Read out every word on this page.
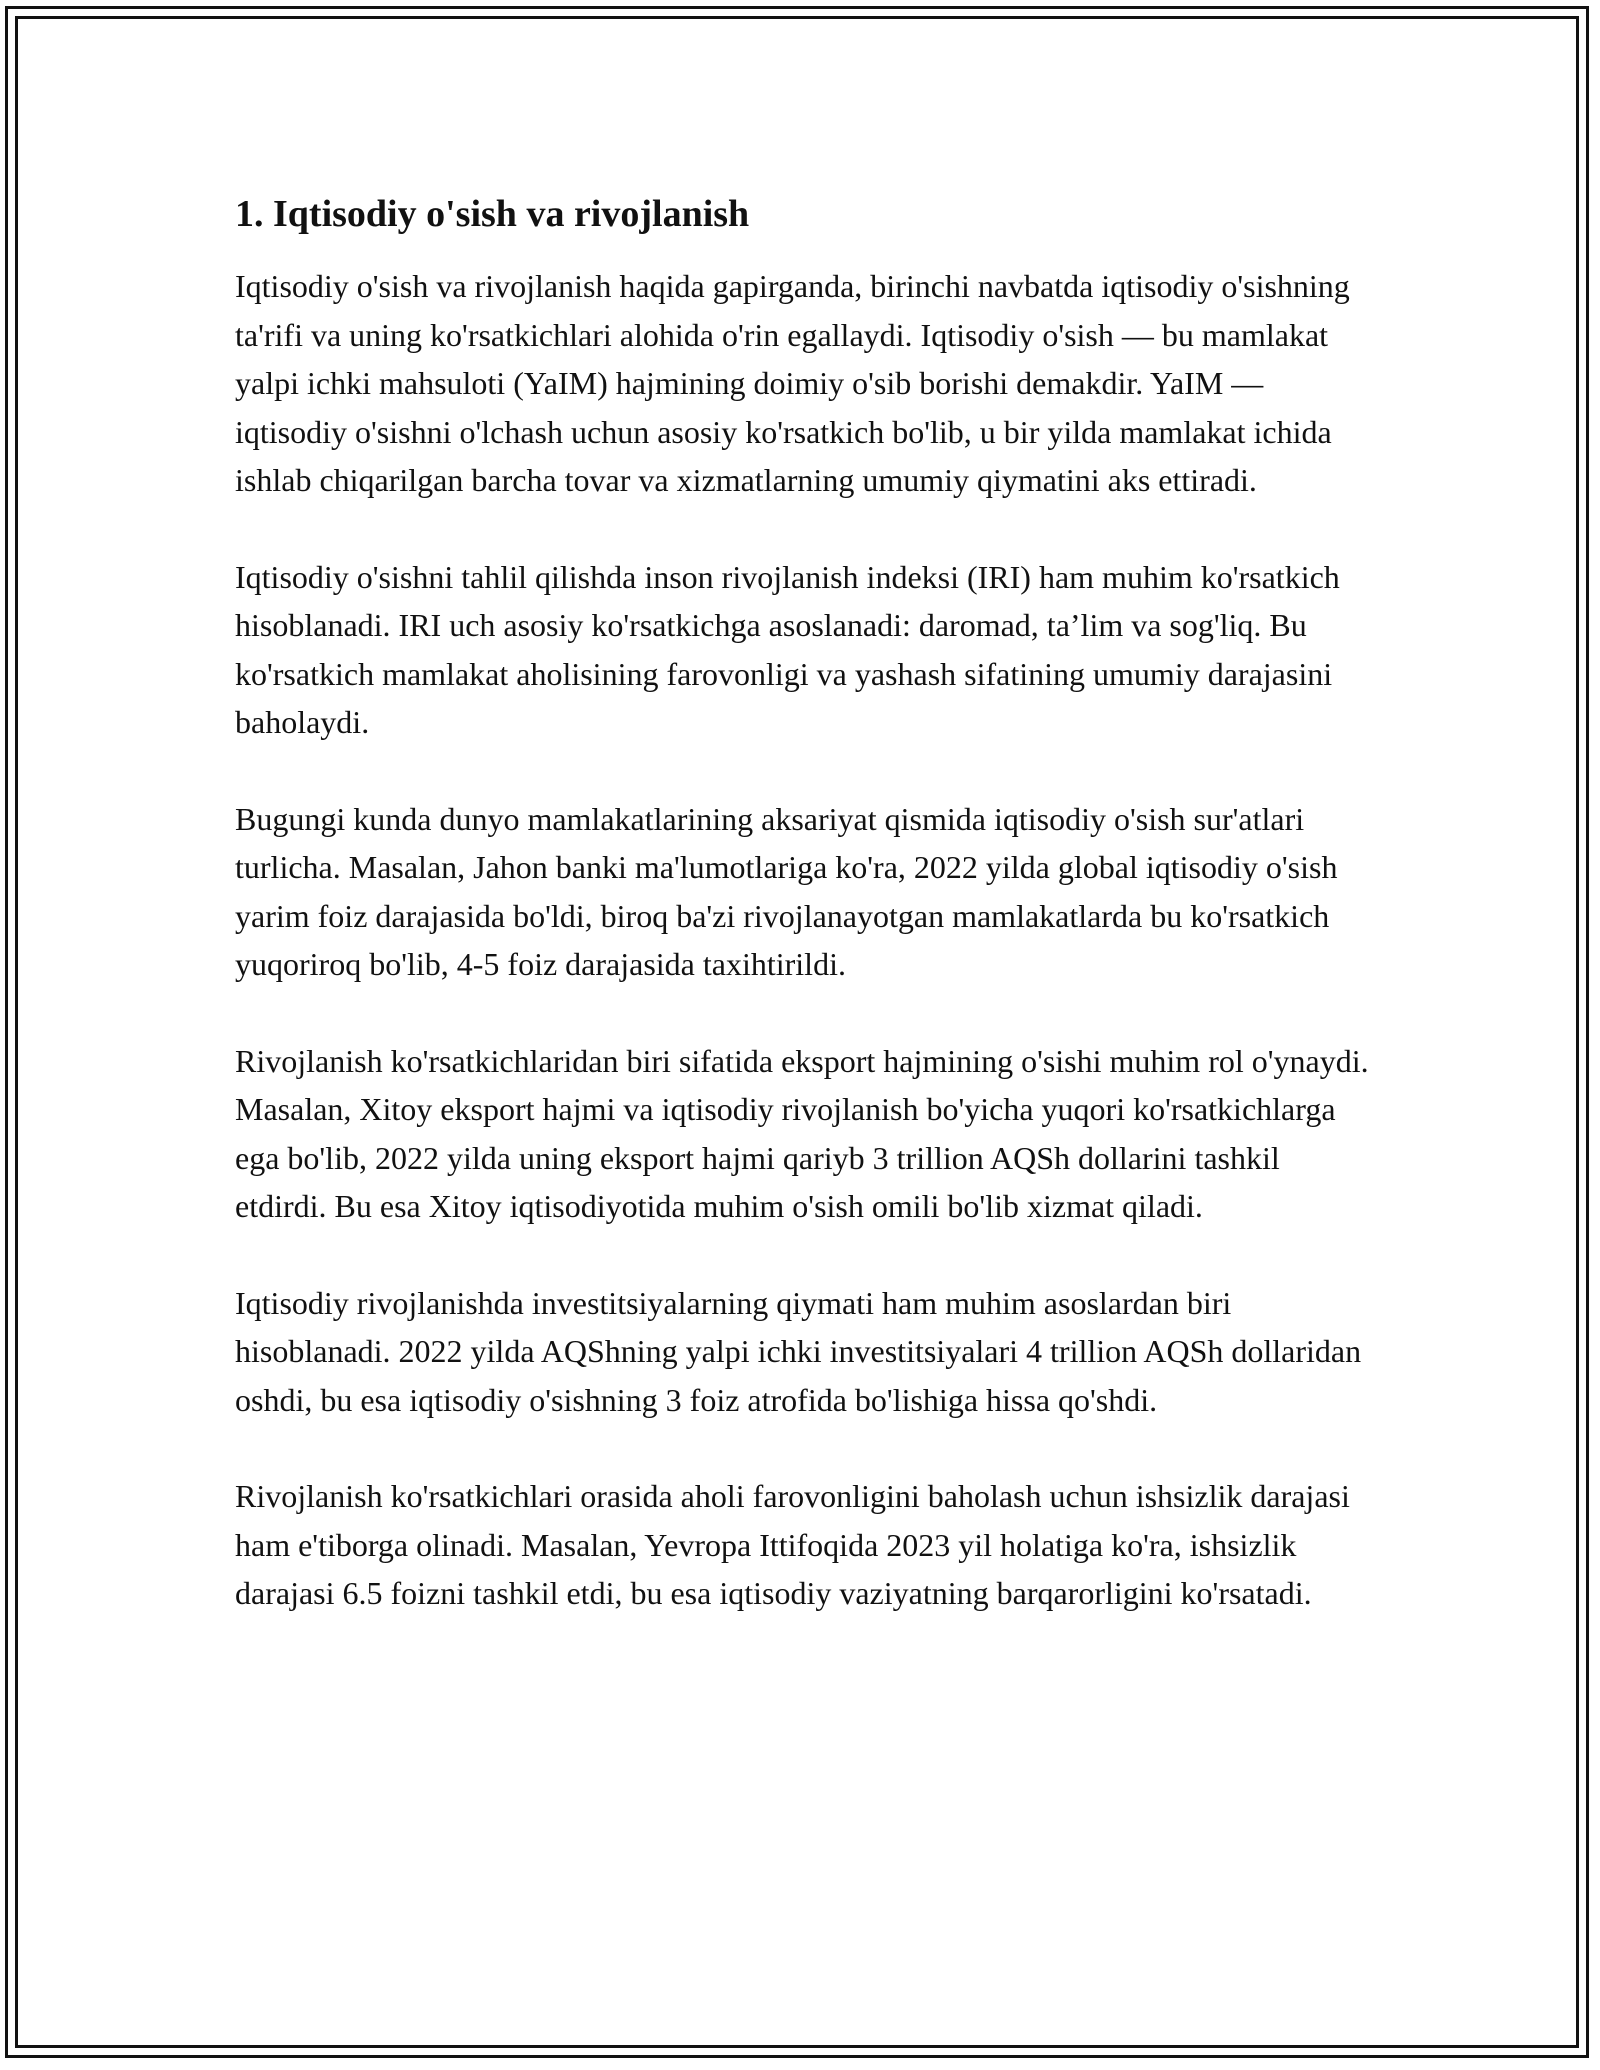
1. Iqtisodiy o'sish va rivojlanish

Iqtisodiy o'sish va rivojlanish haqida gapirganda, birinchi navbatda iqtisodiy o'sishning ta'rifi va uning ko'rsatkichlari alohida o'rin egallaydi. Iqtisodiy o'sish — bu mamlakat yalpi ichki mahsuloti (YaIM) hajmining doimiy o'sib borishi demakdir. YaIM — iqtisodiy o'sishni o'lchash uchun asosiy ko'rsatkich bo'lib, u bir yilda mamlakat ichida ishlab chiqarilgan barcha tovar va xizmatlarning umumiy qiymatini aks ettiradi.

Iqtisodiy o'sishni tahlil qilishda inson rivojlanish indeksi (IRI) ham muhim ko'rsatkich hisoblanadi. IRI uch asosiy ko'rsatkichga asoslanadi: daromad, ta’lim va sog'liq. Bu ko'rsatkich mamlakat aholisining farovonligi va yashash sifatining umumiy darajasini baholaydi.

Bugungi kunda dunyo mamlakatlarining aksariyat qismida iqtisodiy o'sish sur'atlari turlicha. Masalan, Jahon banki ma'lumotlariga ko'ra, 2022 yilda global iqtisodiy o'sish yarim foiz darajasida bo'ldi, biroq ba'zi rivojlanayotgan mamlakatlarda bu ko'rsatkich yuqoriroq bo'lib, 4-5 foiz darajasida taxihtirildi.

Rivojlanish ko'rsatkichlaridan biri sifatida eksport hajmining o'sishi muhim rol o'ynaydi. Masalan, Xitoy eksport hajmi va iqtisodiy rivojlanish bo'yicha yuqori ko'rsatkichlarga ega bo'lib, 2022 yilda uning eksport hajmi qariyb 3 trillion AQSh dollarini tashkil etdirdi. Bu esa Xitoy iqtisodiyotida muhim o'sish omili bo'lib xizmat qiladi.

Iqtisodiy rivojlanishda investitsiyalarning qiymati ham muhim asoslardan biri hisoblanadi. 2022 yilda AQShning yalpi ichki investitsiyalari 4 trillion AQSh dollaridan oshdi, bu esa iqtisodiy o'sishning 3 foiz atrofida bo'lishiga hissa qo'shdi.

Rivojlanish ko'rsatkichlari orasida aholi farovonligini baholash uchun ishsizlik darajasi ham e'tiborga olinadi. Masalan, Yevropa Ittifoqida 2023 yil holatiga ko'ra, ishsizlik darajasi 6.5 foizni tashkil etdi, bu esa iqtisodiy vaziyatning barqarorligini ko'rsatadi.
